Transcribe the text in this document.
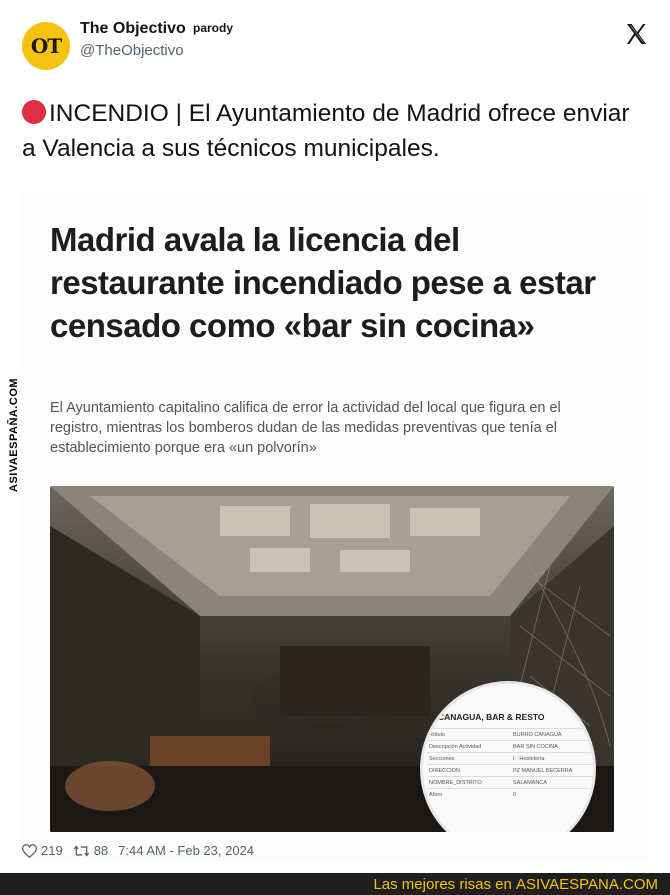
OT
The Objectivo parody
@TheObjectivo
INCENDIO | El Ayuntamiento de Madrid ofrece enviar a Valencia a sus técnicos municipales.
Madrid avala la licencia del restaurante incendiado pese a estar censado como «bar sin cocina»
El Ayuntamiento capitalino califica de error la actividad del local que figura en el registro, mientras los bomberos dudan de las medidas preventivas que tenía el establecimiento porque era «un polvorín»
O CANAGUA, BAR & RESTO
Rótulo	BURRO CANAGUA
Descripción Actividad	BAR SIN COCINA
Secciones	I - Hostelería
DIRECCION	PZ MANUEL BECERRA
NOMBRE_DISTRITO	SALAMANCA
Aforo	0
ASIVAESPAÑA.COM
219 88 7:44 AM - Feb 23, 2024
Las mejores risas en ASIVAESPANA.COM
